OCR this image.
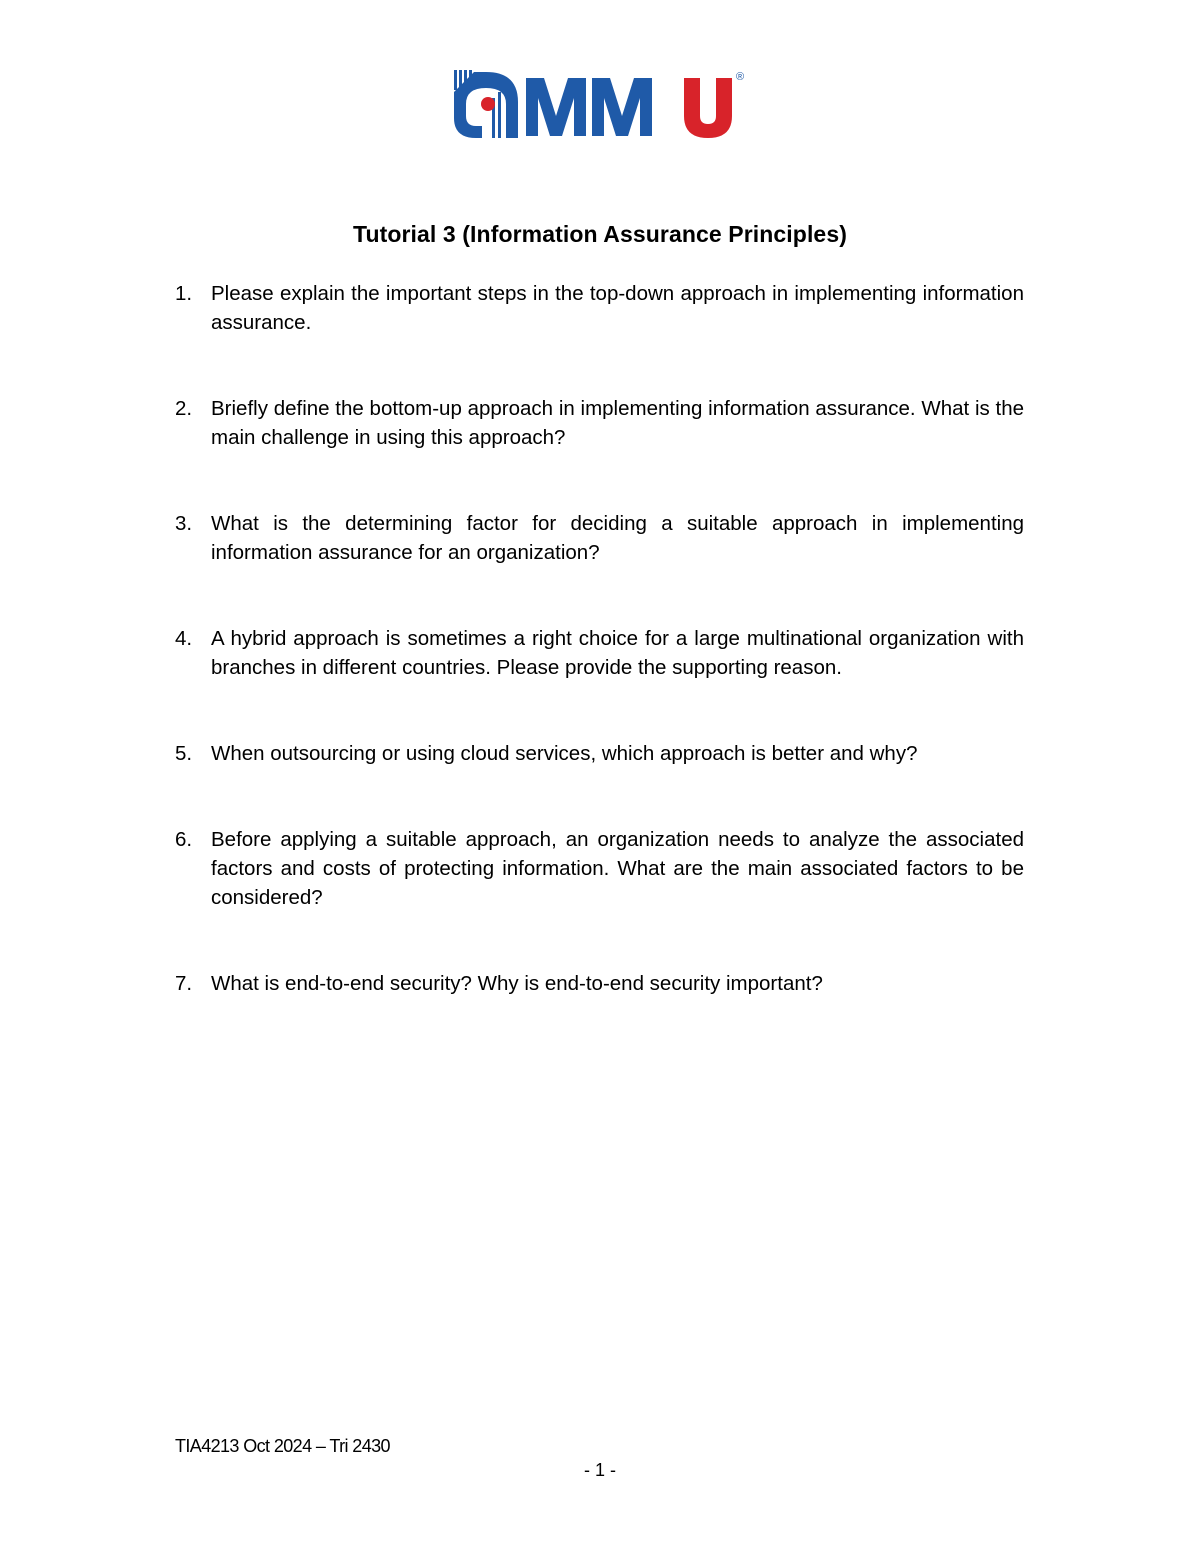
®
Tutorial 3 (Information Assurance Principles)
1. Please explain the important steps in the top-down approach in implementing information assurance.
2. Briefly define the bottom-up approach in implementing information assurance. What is the main challenge in using this approach?
3. What is the determining factor for deciding a suitable approach in implementing information assurance for an organization?
4. A hybrid approach is sometimes a right choice for a large multinational organization with branches in different countries. Please provide the supporting reason.
5. When outsourcing or using cloud services, which approach is better and why?
6. Before applying a suitable approach, an organization needs to analyze the associated factors and costs of protecting information. What are the main associated factors to be considered?
7. What is end-to-end security? Why is end-to-end security important?
TIA4213 Oct 2024 – Tri 2430
- 1 -
